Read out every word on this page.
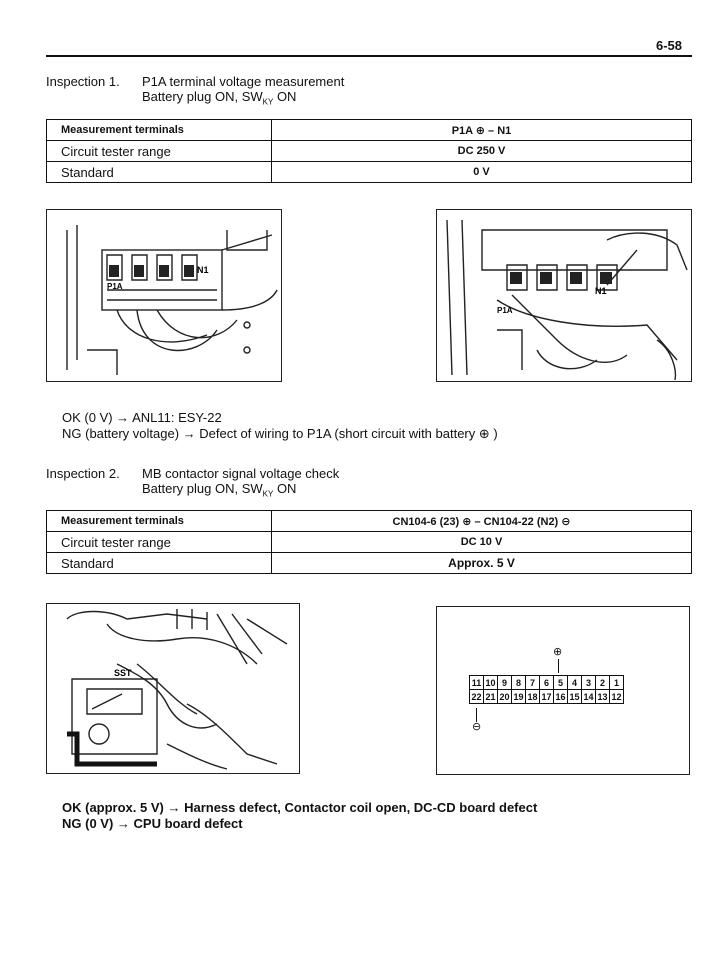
6-58
Inspection 1. P1A terminal voltage measurement
Battery plug ON, $SW_{KY}$ ON
Measurement terminals	P1A ⊕ – N1
Circuit tester range	DC 250 V
Standard	0 V
N1
P1A	N1
P1A
OK (0 V) → ANL11: ESY-22
NG (battery voltage) → Defect of wiring to P1A (short circuit with battery ⊕ )
Inspection 2. MB contactor signal voltage check
Battery plug ON, $SW_{KY}$ ON
Measurement terminals	CN104-6 (23) ⊕ – CN104-22 (N2) ⊖
Circuit tester range	DC 10 V
Standard	Approx. 5 V
SST
⊕
11	10	9	8	7	6	5	4	3	2	1
22	21	20	19	18	17	16	15	14	13	12
⊖
OK (approx. 5 V) → Harness defect, Contactor coil open, DC-CD board defect
NG (0 V) → CPU board defect
